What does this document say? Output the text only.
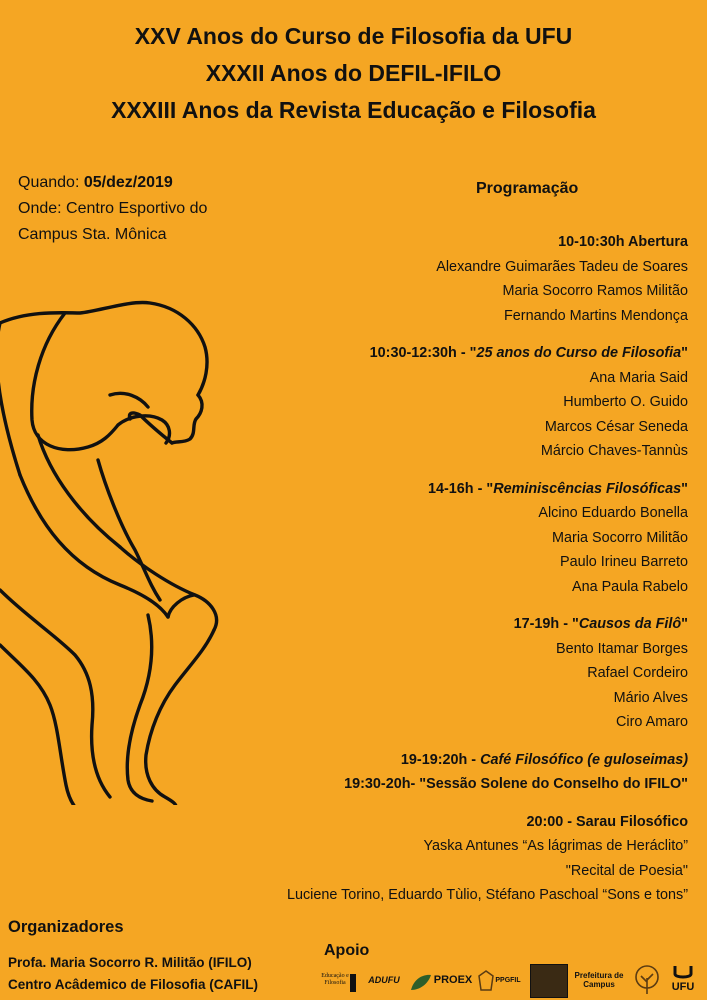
XXV Anos do Curso de Filosofia da UFU
XXXII Anos do DEFIL-IFILO
XXXIII Anos da Revista Educação e Filosofia
Quando: 05/dez/2019
Onde: Centro Esportivo do
Campus Sta. Mônica
Programação
10-10:30h Abertura
Alexandre Guimarães Tadeu de Soares
Maria Socorro Ramos Militão
Fernando Martins Mendonça
10:30-12:30h - "25 anos do Curso de Filosofia"
Ana Maria Said
Humberto O. Guido
Marcos César Seneda
Márcio Chaves-Tannùs
14-16h - "Reminiscências Filosóficas"
Alcino Eduardo Bonella
Maria Socorro Militão
Paulo Irineu Barreto
Ana Paula Rabelo
17-19h - "Causos da Filô"
Bento Itamar Borges
Rafael Cordeiro
Mário Alves
Ciro Amaro
19-19:20h - Café Filosófico (e guloseimas)
19:30-20h- "Sessão Solene do Conselho do IFILO"
20:00 - Sarau Filosófico
Yaska Antunes “As lágrimas de Heráclito”
"Recital de Poesia"
Luciene Torino, Eduardo Tùlio, Stéfano Paschoal “Sons e tons”
Organizadores
Profa. Maria Socorro R. Militão (IFILO)
Centro Acâdemico de Filosofia (CAFIL)
Apoio
Educação e Filosofia	ADUFU	PROEX	PPGFIL	Prefeitura de Campus	UFU
